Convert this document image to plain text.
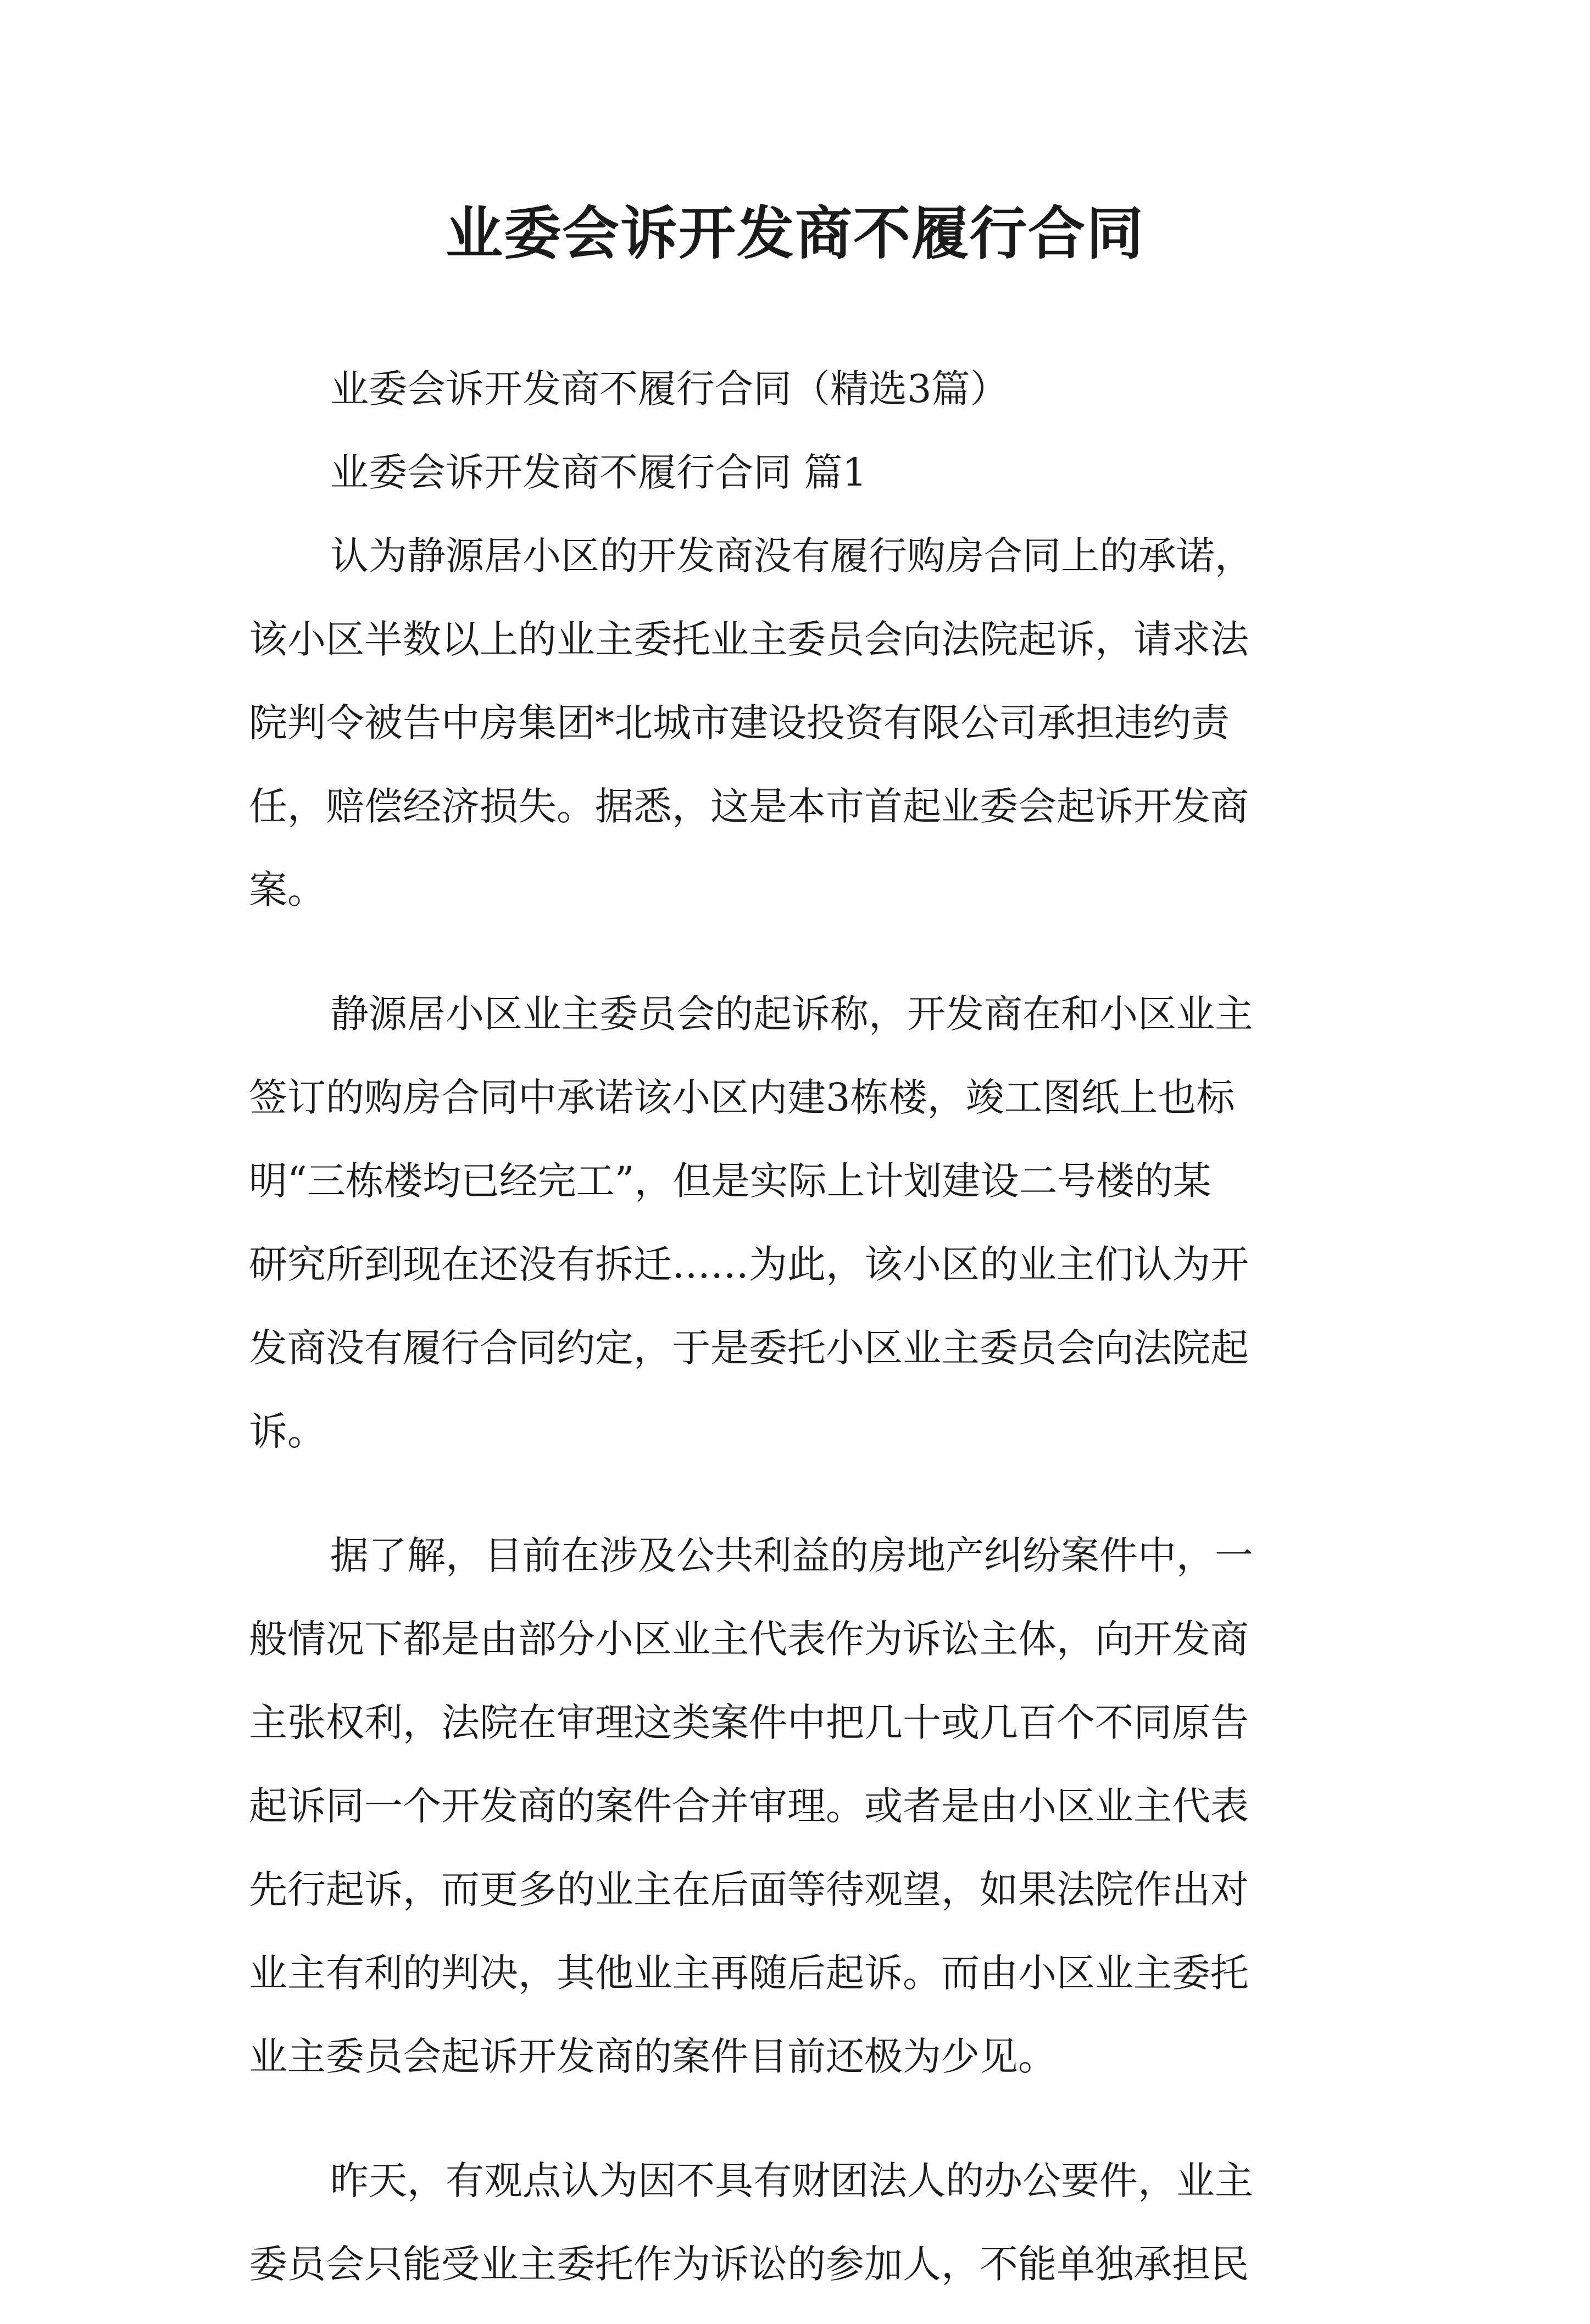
业委会诉开发商不履行合同
业委会诉开发商不履行合同（精选3篇）
业委会诉开发商不履行合同 篇1
认为静源居小区的开发商没有履行购房合同上的承诺，
该小区半数以上的业主委托业主委员会向法院起诉，请求法
院判令被告中房集团*北城市建设投资有限公司承担违约责
任，赔偿经济损失。据悉，这是本市首起业委会起诉开发商
案。
静源居小区业主委员会的起诉称，开发商在和小区业主
签订的购房合同中承诺该小区内建3栋楼，竣工图纸上也标
明“三栋楼均已经完工”，但是实际上计划建设二号楼的某
研究所到现在还没有拆迁……为此，该小区的业主们认为开
发商没有履行合同约定，于是委托小区业主委员会向法院起
诉。
据了解，目前在涉及公共利益的房地产纠纷案件中，一
般情况下都是由部分小区业主代表作为诉讼主体，向开发商
主张权利，法院在审理这类案件中把几十或几百个不同原告
起诉同一个开发商的案件合并审理。或者是由小区业主代表
先行起诉，而更多的业主在后面等待观望，如果法院作出对
业主有利的判决，其他业主再随后起诉。而由小区业主委托
业主委员会起诉开发商的案件目前还极为少见。
昨天，有观点认为因不具有财团法人的办公要件，业主
委员会只能受业主委托作为诉讼的参加人，不能单独承担民
